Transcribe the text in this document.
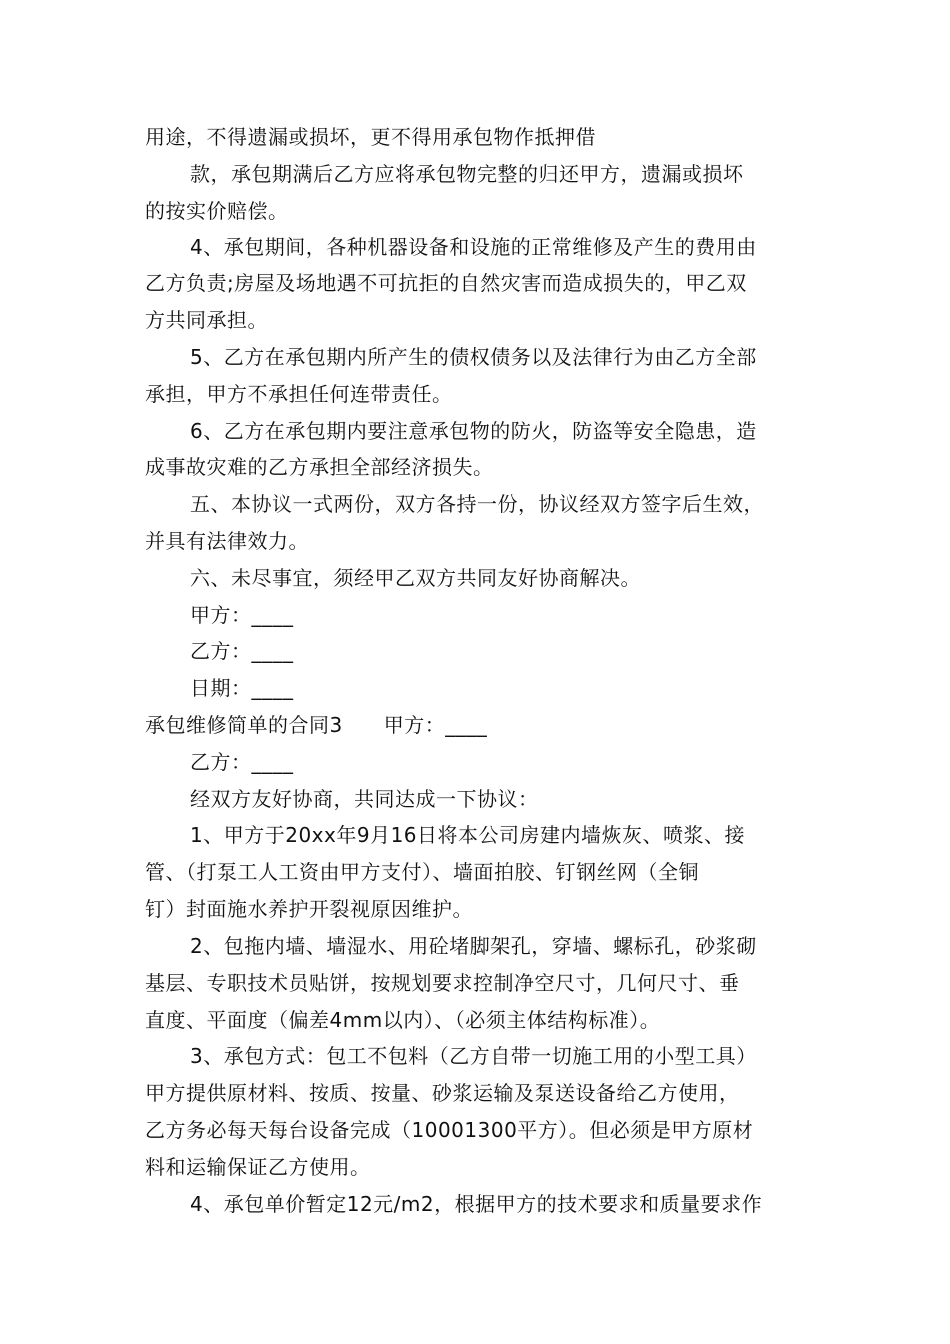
用途，不得遗漏或损坏，更不得用承包物作抵押借
款，承包期满后乙方应将承包物完整的归还甲方，遗漏或损坏
的按实价赔偿。
4、承包期间，各种机器设备和设施的正常维修及产生的费用由
乙方负责;房屋及场地遇不可抗拒的自然灾害而造成损失的，甲乙双
方共同承担。
5、乙方在承包期内所产生的债权债务以及法律行为由乙方全部
承担，甲方不承担任何连带责任。
6、乙方在承包期内要注意承包物的防火，防盗等安全隐患，造
成事故灾难的乙方承担全部经济损失。
五、本协议一式两份，双方各持一份，协议经双方签字后生效，
并具有法律效力。
六、未尽事宜，须经甲乙双方共同友好协商解决。
甲方：____
乙方：____
日期：____
承包维修简单的合同3　　甲方：____
乙方：____
经双方友好协商，共同达成一下协议：
1、甲方于20xx年9月16日将本公司房建内墙烣灰、喷浆、接
管、（打泵工人工资由甲方支付）、墙面拍胶、钉钢丝网（全铜
钉）封面施水养护开裂视原因维护。
2、包拖内墙、墙湿水、用砼堵脚架孔，穿墙、螺标孔，砂浆砌
基层、专职技术员贴饼，按规划要求控制净空尺寸，几何尺寸、垂
直度、平面度（偏差4mm以内）、（必须主体结构标准）。
3、承包方式：包工不包料（乙方自带一切施工用的小型工具）
甲方提供原材料、按质、按量、砂浆运输及泵送设备给乙方使用，
乙方务必每天每台设备完成（10001300平方）。但必须是甲方原材
料和运输保证乙方使用。
4、承包单价暂定12元/m2，根据甲方的技术要求和质量要求作
